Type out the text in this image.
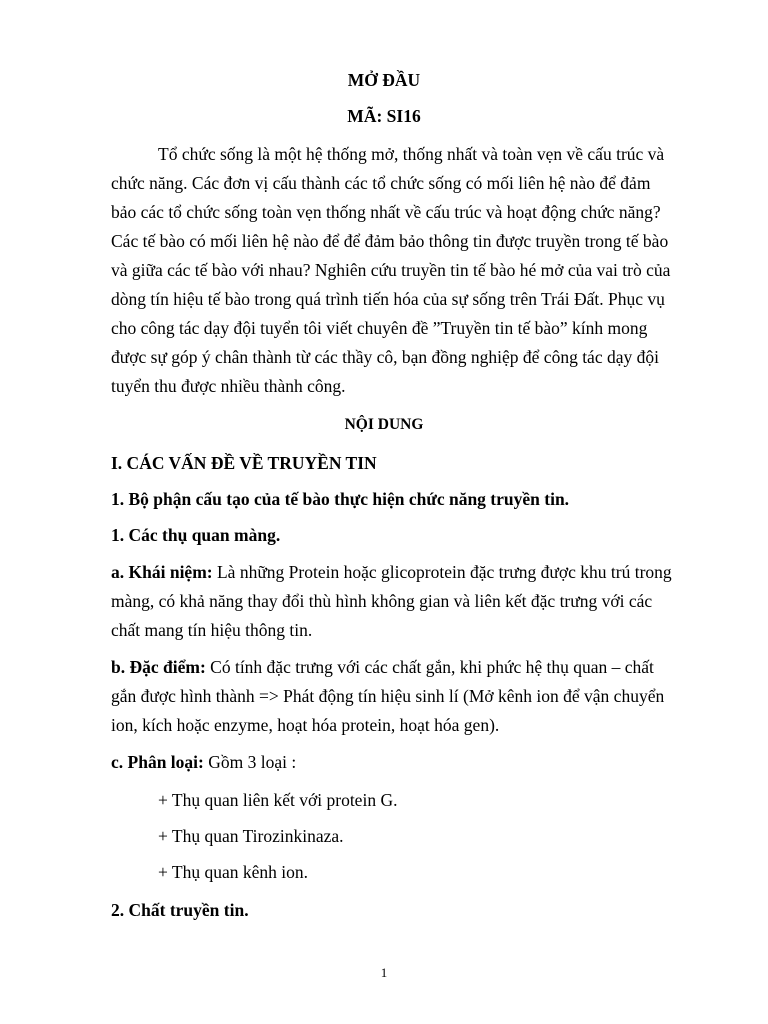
MỞ ĐẦU
MÃ: SI16
Tổ chức sống là một hệ thống mở, thống nhất và toàn vẹn về cấu trúc và
chức năng. Các đơn vị cấu thành các tổ chức sống có mối liên hệ nào để đảm
bảo các tổ chức sống toàn vẹn thống nhất về cấu trúc và hoạt động chức năng?
Các tế bào có mối liên hệ nào để để đảm bảo thông tin được truyền trong tế bào
và giữa các tế bào với nhau? Nghiên cứu truyền tin tế bào hé mở của vai trò của
dòng tín hiệu tế bào trong quá trình tiến hóa của sự sống trên Trái Đất. Phục vụ
cho công tác dạy đội tuyển tôi viết chuyên đề ”Truyền tin tế bào” kính mong
được sự góp ý chân thành từ các thầy cô, bạn đồng nghiệp để công tác dạy đội
tuyển thu được nhiều thành công.
NỘI DUNG
I. CÁC VẤN ĐỀ VỀ TRUYỀN TIN
1. Bộ phận cấu tạo của tế bào thực hiện chức năng truyền tin.
1. Các thụ quan màng.
a. Khái niệm: Là những Protein hoặc glicoprotein đặc trưng được khu trú trong
màng, có khả năng thay đổi thù hình không gian và liên kết đặc trưng với các
chất mang tín hiệu thông tin.
b. Đặc điểm: Có tính đặc trưng với các chất gắn, khi phức hệ thụ quan – chất
gắn được hình thành => Phát động tín hiệu sinh lí (Mở kênh ion để vận chuyển
ion, kích hoặc enzyme, hoạt hóa protein, hoạt hóa gen).
c. Phân loại: Gồm 3 loại :
+ Thụ quan liên kết với protein G.
+ Thụ quan Tirozinkinaza.
+ Thụ quan kênh ion.
2. Chất truyền tin.
1
